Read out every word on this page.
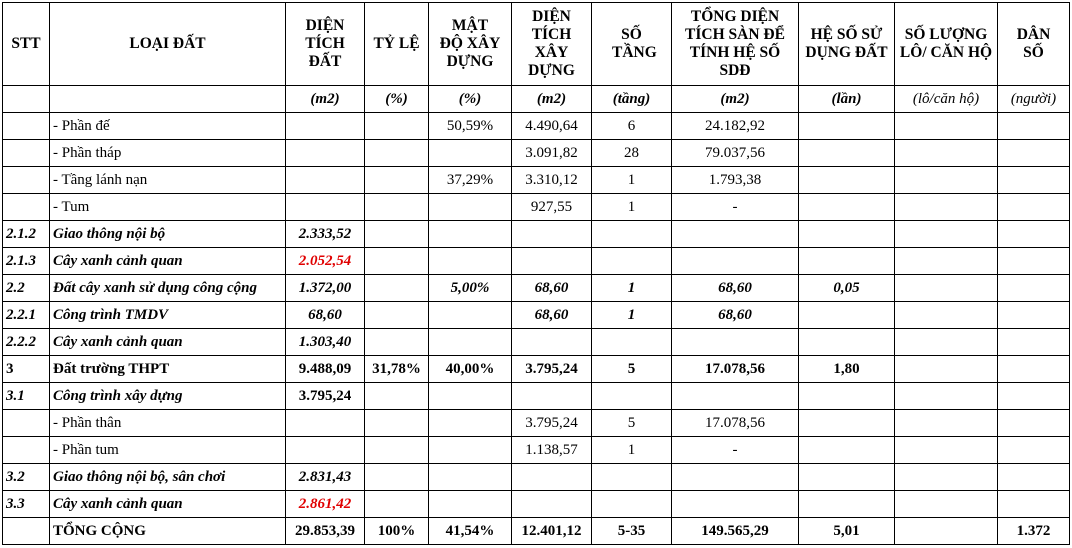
STT	LOẠI ĐẤT	DIỆN TÍCH ĐẤT	TỶ LỆ	MẬT ĐỘ XÂY DỰNG	DIỆN TÍCH XÂY DỰNG	SỐ TẦNG	TỔNG DIỆN TÍCH SÀN ĐỂ TÍNH HỆ SỐ SDĐ	HỆ SỐ SỬ DỤNG ĐẤT	SỐ LƯỢNG LÔ/ CĂN HỘ	DÂN SỐ
		(m2)	(%)	(%)	(m2)	(tầng)	(m2)	(lần)	(lô/căn hộ)	(người)
	- Phần đế			50,59%	4.490,64	6	24.182,92			
	- Phần tháp				3.091,82	28	79.037,56			
	- Tầng lánh nạn			37,29%	3.310,12	1	1.793,38			
	- Tum				927,55	1	-			
2.1.2	Giao thông nội bộ	2.333,52								
2.1.3	Cây xanh cảnh quan	2.052,54								
2.2	Đất cây xanh sử dụng công cộng	1.372,00		5,00%	68,60	1	68,60	0,05		
2.2.1	Công trình TMDV	68,60			68,60	1	68,60			
2.2.2	Cây xanh cảnh quan	1.303,40								
3	Đất trường THPT	9.488,09	31,78%	40,00%	3.795,24	5	17.078,56	1,80		
3.1	Công trình xây dựng	3.795,24								
	- Phần thân				3.795,24	5	17.078,56			
	- Phần tum				1.138,57	1	-			
3.2	Giao thông nội bộ, sân chơi	2.831,43								
3.3	Cây xanh cảnh quan	2.861,42								
	TỔNG CỘNG	29.853,39	100%	41,54%	12.401,12	5-35	149.565,29	5,01		1.372
